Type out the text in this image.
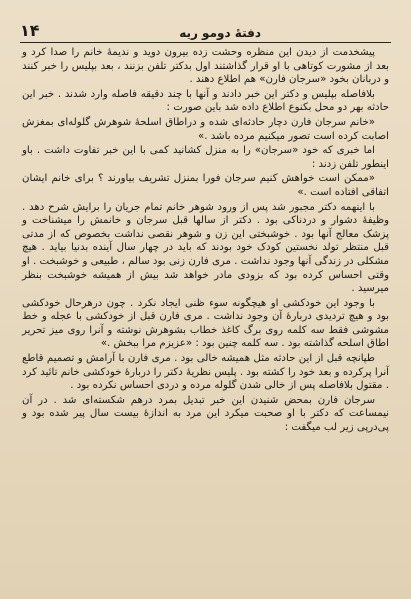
۱۴	دفتهٔ دومو ریه

پیشخدمت از دیدن این منظره وحشت زده بیرون دوید و ندیمهٔ خانم را صدا کرد و بعد از مشورت کوتاهی با او قرار گذاشتند اول بدکتر تلفن بزنند ، بعد بپلیس را خبر کنند و دربانان بخود «سرجان فارن» هم اطلاع دهند .

بلافاصله بپلیس و دکتر این خبر دادند و آنها با چند دقیقه فاصله وارد شدند . خبر این حادثه بهر دو محل بکنوع اطلاع داده شد باین صورت :

«خانم سرجان فارن دچار حادثه‌ای شده و دراطاق اسلحهٔ شوهرش گلوله‌ای بمغزش اصابت کرده است تصور میکنیم مرده باشد .»

اما خبری که خود «سرجان» را به منزل کشانید کمی با این خبر تفاوت داشت . باو اینطور تلفن زدند :

«ممکن است خواهش کنیم سرجان فورا بمنزل تشریف بیاورند ؟ برای خانم ایشان اتفاقی افتاده است .»

با اینهمه دکتر مجبور شد پس از ورود شوهر خانم تمام جریان را برایش شرح دهد . وظیفهٔ دشوار و دردناکی بود . دکتر از سالها قبل سرجان و خانمش را میشناخت و پزشک معالج آنها بود . خوشبختی این زن و شوهر نقصی نداشت بخصوص که از مدتی قبل منتظر تولد نخستین کودک خود بودند که باید در چهار سال آینده بدنیا بیاید . هیچ مشکلی در زندگی آنها وجود نداشت . مری فارن زنی بود سالم ، طبیعی و خوشبخت . او وقتی احساس کرده بود که بزودی مادر خواهد شد بیش از همیشه خوشبخت بنظر میرسید .

با وجود این خودکشی او هیچگونه سوء ظنی ایجاد نکرد . چون درهرحال خودکشی بود و هیچ تردیدی دربارهٔ آن وجود نداشت . مری فارن قبل از خودکشی با عجله و خط مشوشی فقط سه کلمه روی برگ کاغذ خطاب بشوهرش نوشته و آنرا روی میز تحریر اطاق اسلحه گذاشته بود . سه کلمه چنین بود : «عزیزم مرا ببخش .»

طپانچه قبل از این حادثه مثل همیشه خالی بود . مری فارن با آرامش و تصمیم قاطع آنرا پرکرده و بعد خود را کشته بود . پلیس نظریهٔ دکتر را دربارهٔ خودکشی خانم تائید کرد . مقتول بلافاصله پس از خالی شدن گلوله مرده و دردی احساس نکرده بود .

سرجان فارن بمحض شنیدن این خبر تبدیل بمرد درهم شکسته‌ای شد . در آن نیمساعت که دکتر با او صحبت میکرد این مرد به اندازهٔ بیست سال پیر شده بود و پی‌درپی زیر لب میگفت :
